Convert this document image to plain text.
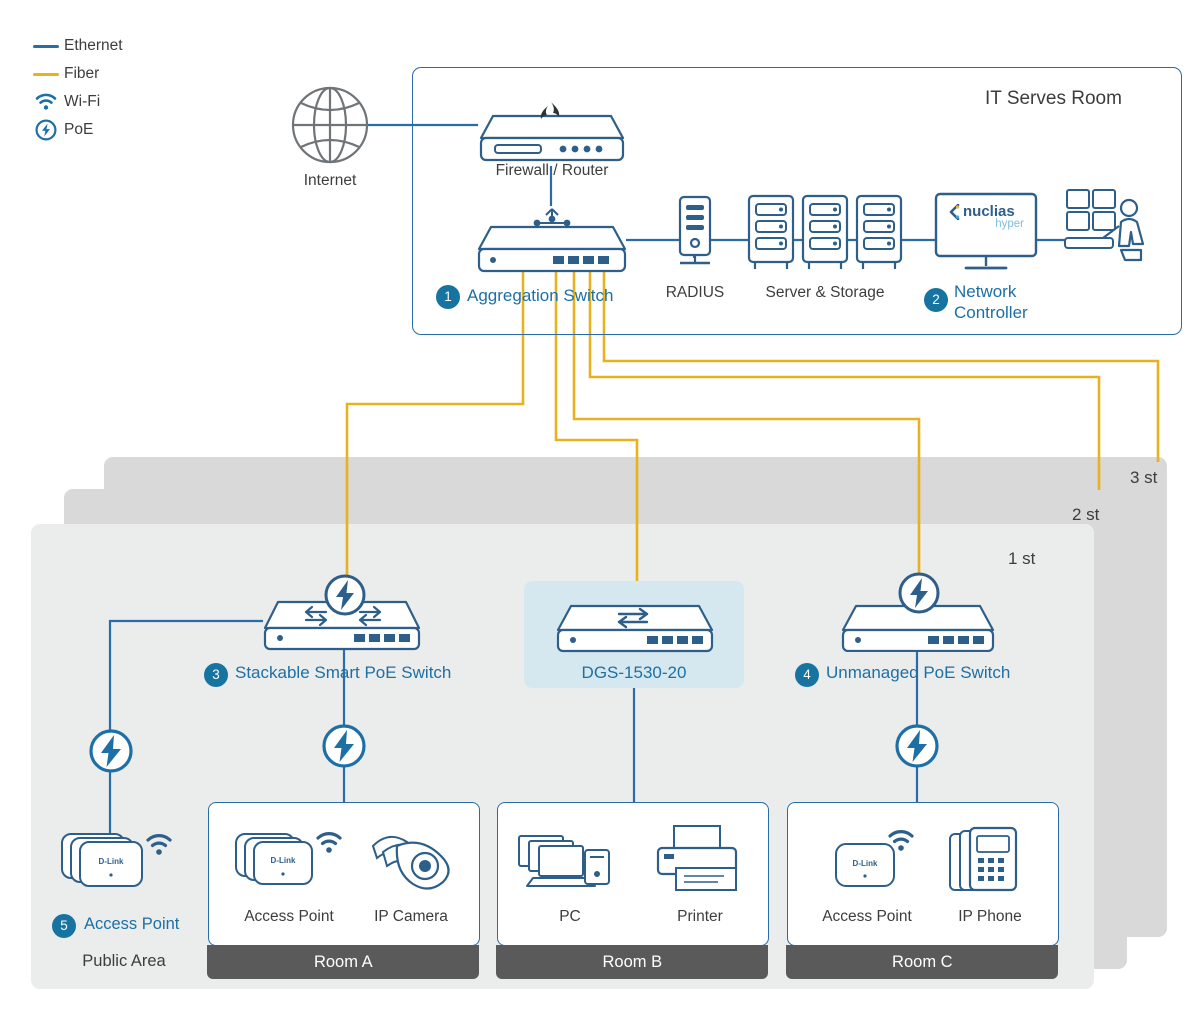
3 st
2 st
1 st
Ethernet
Fiber
Wi-Fi
PoE
Internet
IT Serves Room
Firewall / Router
1 Aggregation Switch	RADIUS	Server & Storage
nuclias
hyper
2 Network Controller
3 Stackable Smart PoE Switch	DGS-1530-20	4 Unmanaged PoE Switch
D-Link
5 Access Point
Public Area	Room A
D-Link
Access Point	IP Camera
Room B
PC	Printer
Room C
D-Link
Access Point	IP Phone
